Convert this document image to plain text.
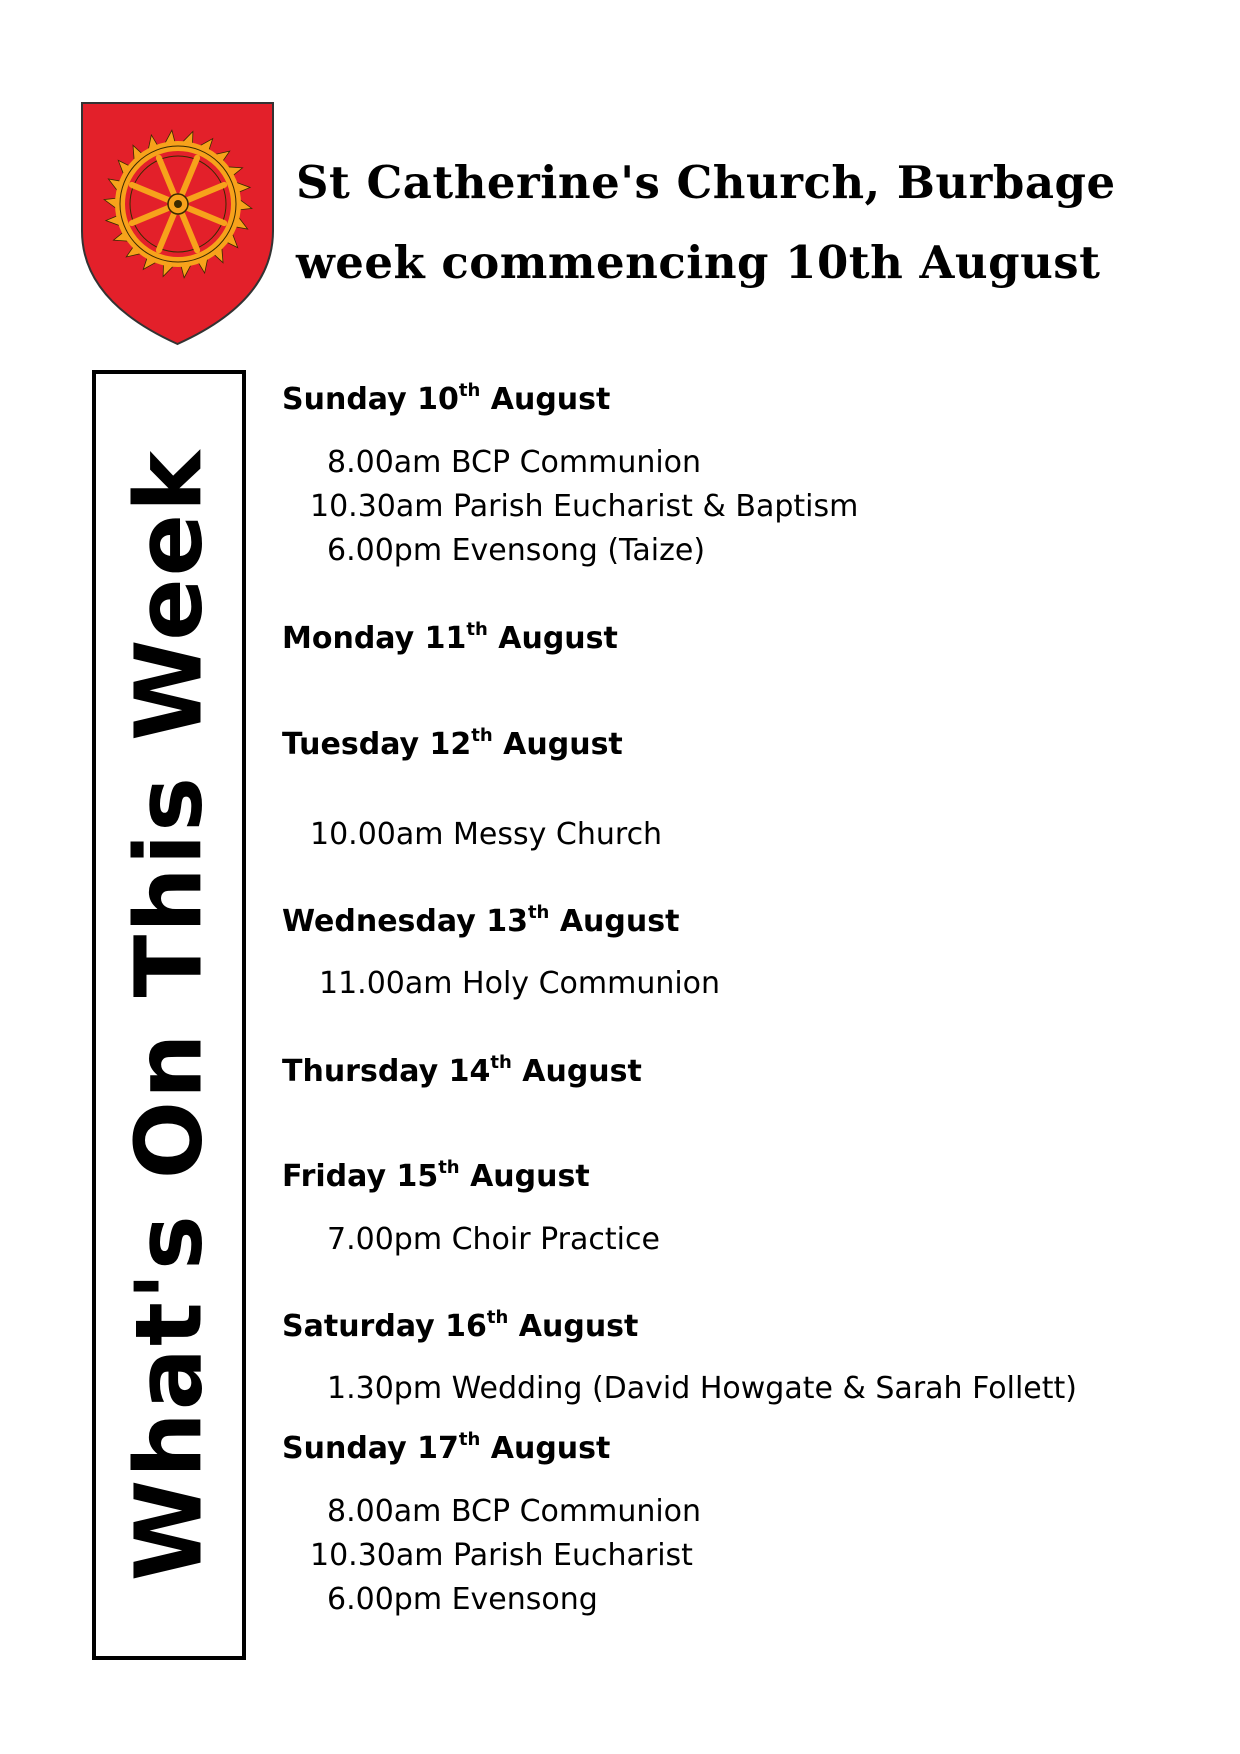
St Catherine's Church, Burbage
week commencing 10th August
What's On This Week
Sunday 10th August
8.00am BCP Communion
10.30am Parish Eucharist & Baptism
6.00pm Evensong (Taize)
Monday 11th August
Tuesday 12th August
10.00am Messy Church
Wednesday 13th August
11.00am Holy Communion
Thursday 14th August
Friday 15th August
7.00pm Choir Practice
Saturday 16th August
1.30pm Wedding (David Howgate & Sarah Follett)
Sunday 17th August
8.00am BCP Communion
10.30am Parish Eucharist
6.00pm Evensong
